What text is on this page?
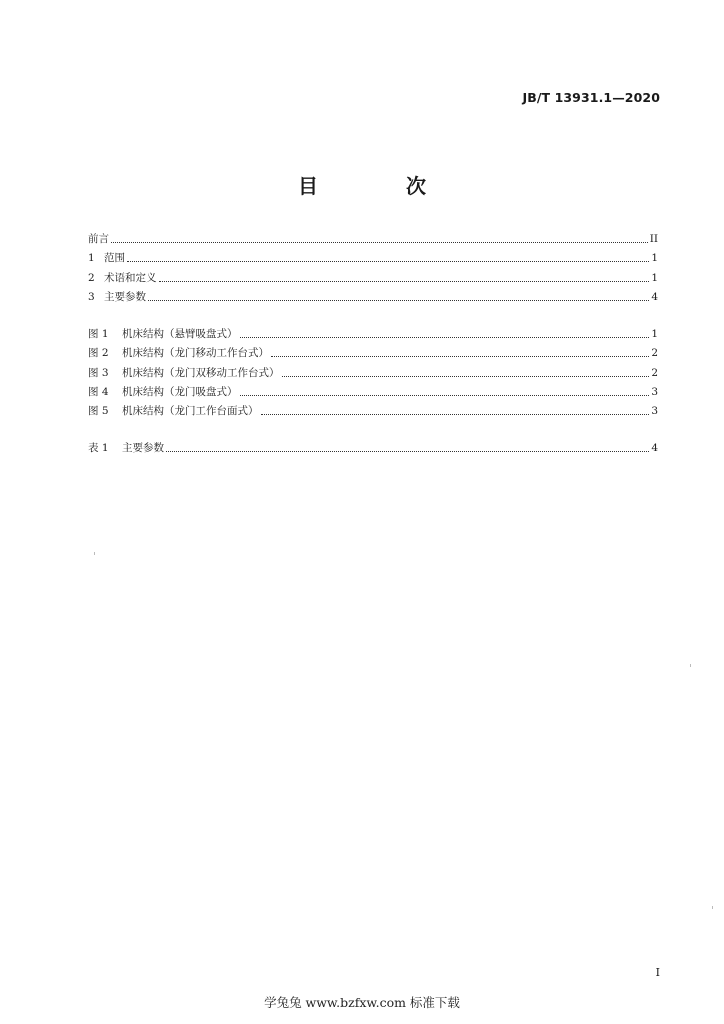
JB/T 13931.1—2020
目　次
前言	II
1 范围	1
2 术语和定义	1
3 主要参数	4
图 1 机床结构（悬臂吸盘式）	1
图 2 机床结构（龙门移动工作台式）	2
图 3 机床结构（龙门双移动工作台式）	2
图 4 机床结构（龙门吸盘式）	3
图 5 机床结构（龙门工作台面式）	3
表 1 主要参数	4
I
学兔兔 www.bzfxw.com 标准下载
